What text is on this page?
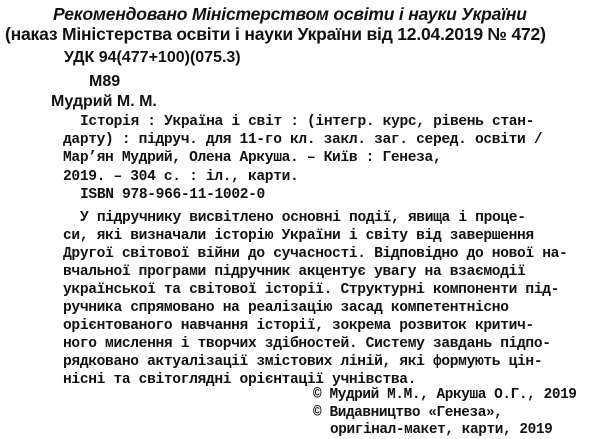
Рекомендовано Міністерством освіти і науки України
(наказ Міністерства освіти і науки України від 12.04.2019 № 472)
УДК 94(477+100)(075.3)
М89
Мудрий М. М.
Історія : Україна і світ : (інтегр. курс, рівень стан-
дарту) : підруч. для 11-го кл. закл. заг. серед. освіти /
Мар’ян Мудрий, Олена Аркуша. – Київ : Генеза,
2019. – 304 с. : іл., карти.
ISBN 978-966-11-1002-0
У підручнику висвітлено основні події, явища і проце-
си, які визначали історію України і світу від завершення
Другої світової війни до сучасності. Відповідно до нової на-
вчальної програми підручник акцентує увагу на взаємодії
української та світової історії. Структурні компоненти під-
ручника спрямовано на реалізацію засад компетентнісно
орієнтованого навчання історії, зокрема розвиток критич-
ного мислення і творчих здібностей. Систему завдань підпо-
рядковано актуалізації змістових ліній, які формують цін-
нісні та світоглядні орієнтації учнівства.
© Мудрий М.М., Аркуша О.Г., 2019
© Видавництво «Генеза»,
оригінал-макет, карти, 2019
